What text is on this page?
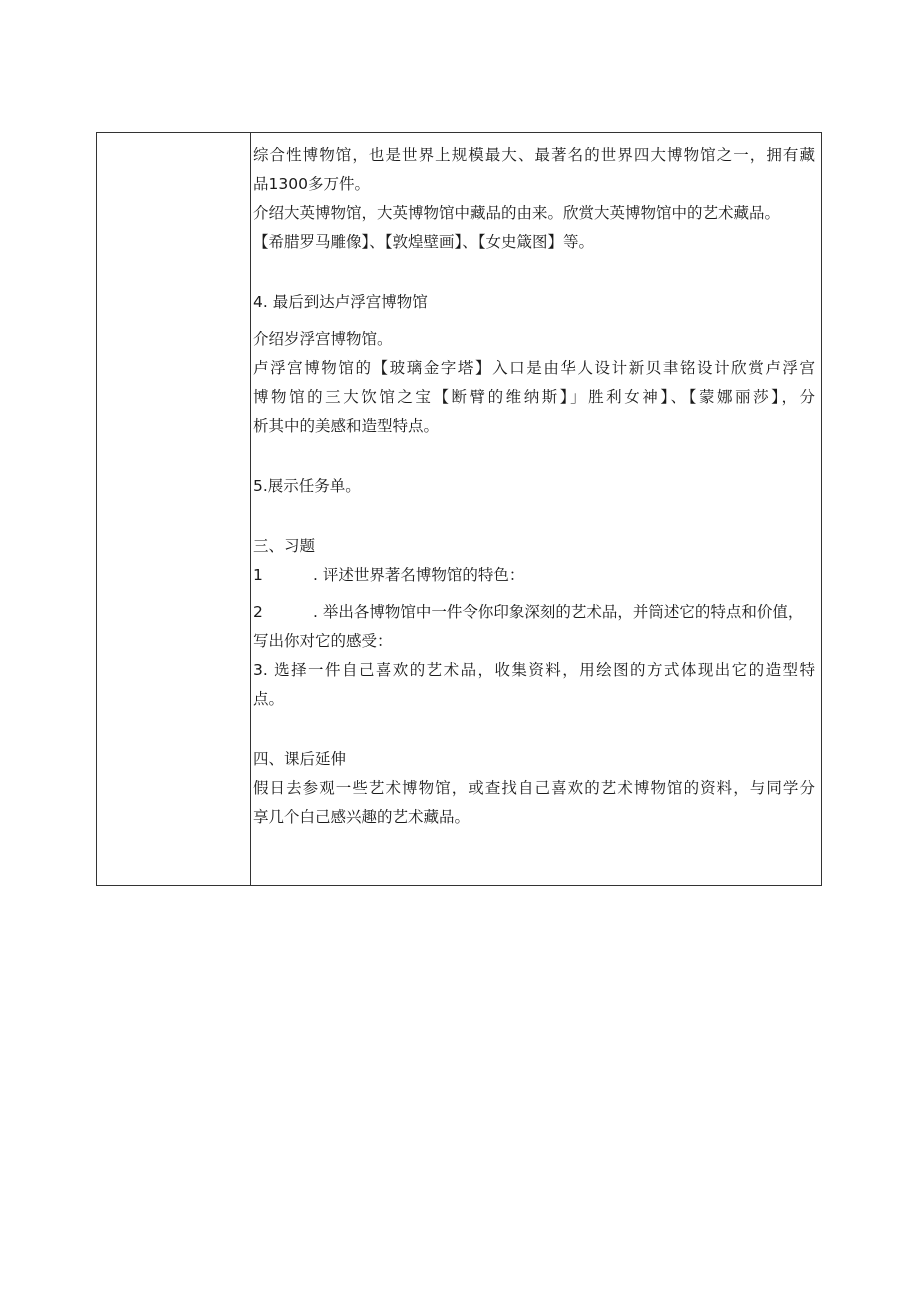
综合性博物馆，也是世界上规模最大、最著名的世界四大博物馆之一，拥有藏
品1300多万件。
介绍大英博物馆，大英博物馆中藏品的由来。欣赏大英博物馆中的艺术藏品。
【希腊罗马雕像】、【敦煌壁画】、【女史箴图】等。
4. 最后到达卢浮宫博物馆
介绍岁浮宫博物馆。
卢浮宫博物馆的【玻璃金字塔】入口是由华人设计新贝聿铭设计欣赏卢浮宫
博物馆的三大饮馆之宝【断臂的维纳斯】」胜利女神】、【蒙娜丽莎】，分
析其中的美感和造型特点。
5.展示任务单。
三、习题
1	. 评述世界著名博物馆的特色：
2	. 举出各博物馆中一件令你印象深刻的艺术品，并筒述它的特点和价值，
写出你对它的感受：
3. 选择一件自己喜欢的艺术品，收集资料，用绘图的方式体现出它的造型特
点。
四、课后延伸
假日去参观一些艺术博物馆，或查找自己喜欢的艺术博物馆的资料，与同学分
享几个白己感兴趣的艺术藏品。
